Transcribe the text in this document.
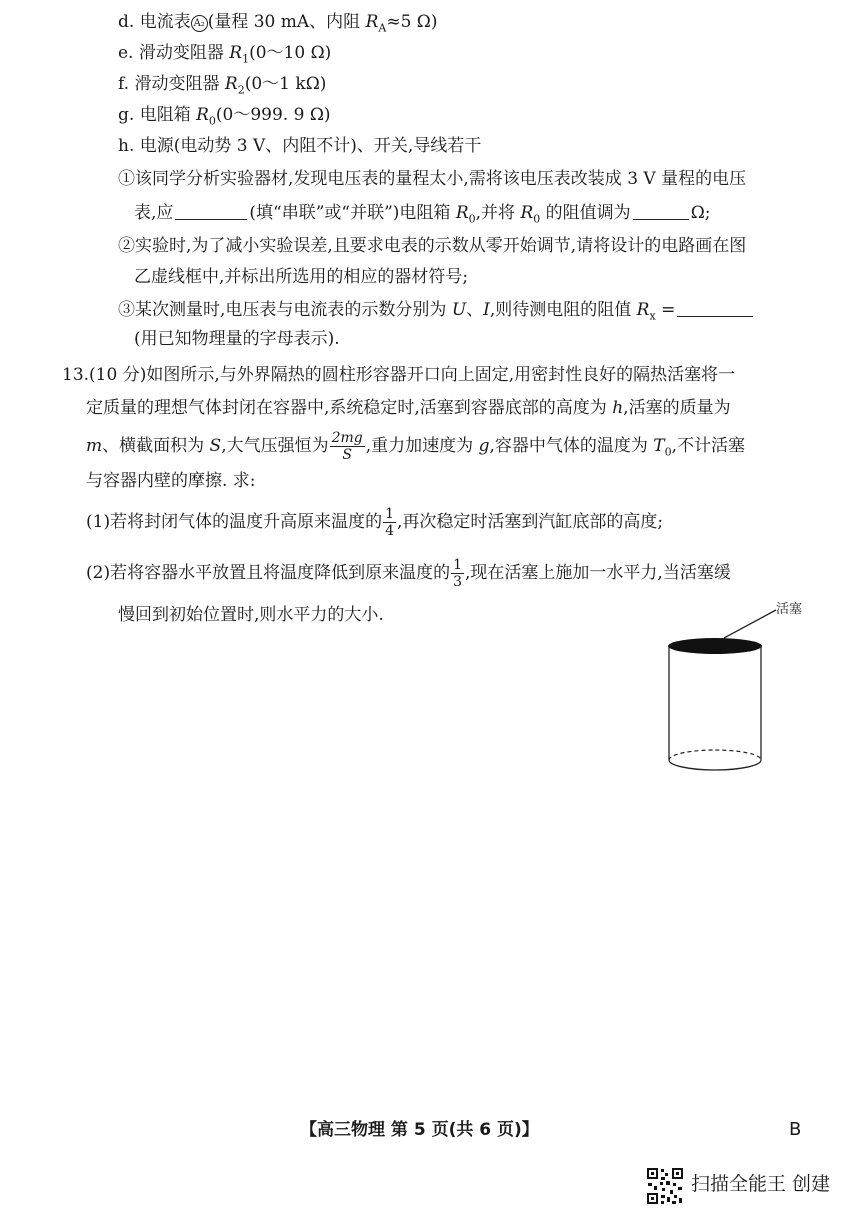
d. 电流表 A₂ (量程 30 mA、内阻 $R_A\approx 5$ Ω)
e. 滑动变阻器 $R_1(0\sim 10$ Ω)
f. 滑动变阻器 $R_2(0\sim 1$ kΩ)
g. 电阻箱 $R_0(0\sim 999$. 9 Ω)
h. 电源(电动势 3 V、内阻不计)、开关,导线若干
①该同学分析实验器材,发现电压表的量程太小,需将该电压表改装成 3 V 量程的电压
表,应	(填“串联”或“并联”)电阻箱 $R_0$,并将 $R_0$ 的阻值调为	Ω;
②实验时,为了减小实验误差,且要求电表的示数从零开始调节,请将设计的电路画在图
乙虚线框中,并标出所选用的相应的器材符号;
③某次测量时,电压表与电流表的示数分别为 U、I,则待测电阻的阻值 $R_x$ =
(用已知物理量的字母表示).
13.(10 分)如图所示,与外界隔热的圆柱形容器开口向上固定,用密封性良好的隔热活塞将一
定质量的理想气体封闭在容器中,系统稳定时,活塞到容器底部的高度为 h,活塞的质量为
m、横截面积为 S,大气压强恒为 $\frac{2mg}{S}$ ,重力加速度为 g,容器中气体的温度为 $T_0$,不计活塞
与容器内壁的摩擦. 求:
(1)若将封闭气体的温度升高原来温度的 $\frac{1}{4}$ ,再次稳定时活塞到汽缸底部的高度;
(2)若将容器水平放置且将温度降低到原来温度的 $\frac{1}{3}$ ,现在活塞上施加一水平力,当活塞缓
慢回到初始位置时,则水平力的大小.	活塞
【高三物理 第 5 页(共 6 页)】	B
扫描全能王 创建
